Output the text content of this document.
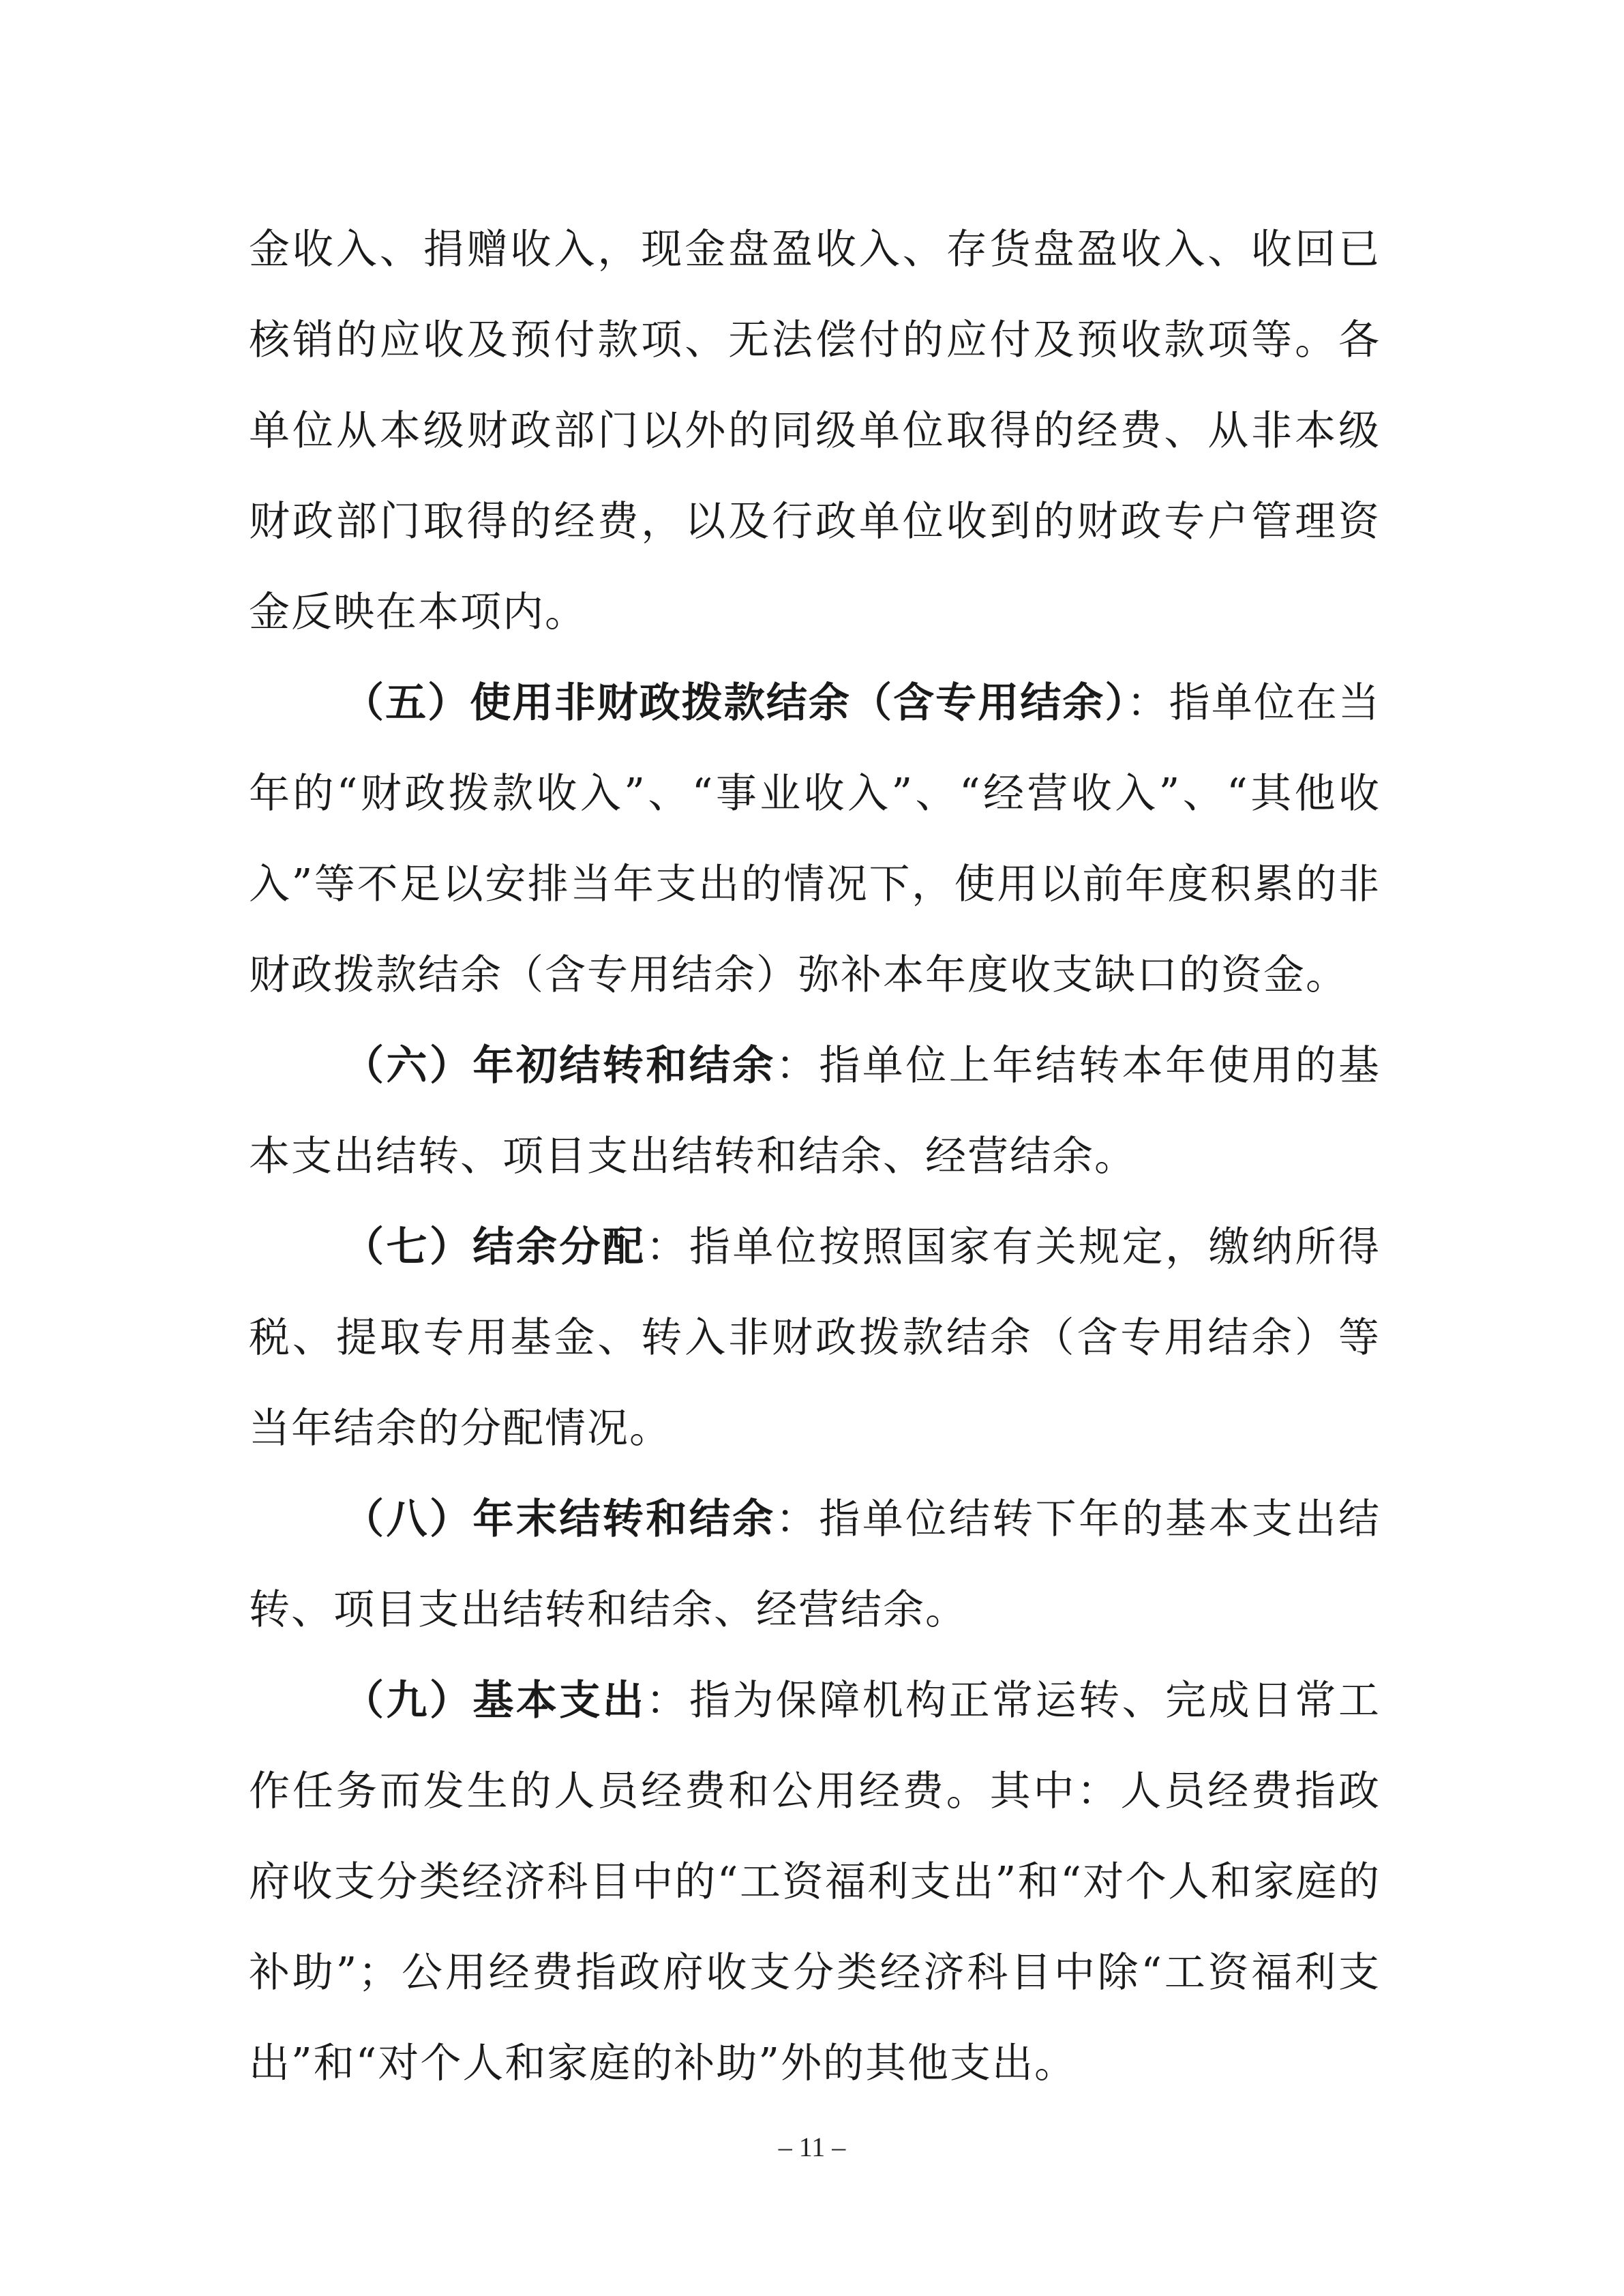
金收入、捐赠收入，现金盘盈收入、存货盘盈收入、收回已核销的应收及预付款项、无法偿付的应付及预收款项等。各单位从本级财政部门以外的同级单位取得的经费、从非本级财政部门取得的经费，以及行政单位收到的财政专户管理资金反映在本项内。

（五）使用非财政拨款结余（含专用结余）：指单位在当年的“财政拨款收入”、“事业收入”、“经营收入”、“其他收入”等不足以安排当年支出的情况下，使用以前年度积累的非财政拨款结余（含专用结余）弥补本年度收支缺口的资金。

（六）年初结转和结余：指单位上年结转本年使用的基本支出结转、项目支出结转和结余、经营结余。

（七）结余分配：指单位按照国家有关规定，缴纳所得税、提取专用基金、转入非财政拨款结余（含专用结余）等当年结余的分配情况。

（八）年末结转和结余：指单位结转下年的基本支出结转、项目支出结转和结余、经营结余。

（九）基本支出：指为保障机构正常运转、完成日常工作任务而发生的人员经费和公用经费。其中：人员经费指政府收支分类经济科目中的“工资福利支出”和“对个人和家庭的补助”；公用经费指政府收支分类经济科目中除“工资福利支出”和“对个人和家庭的补助”外的其他支出。

– 11 –
